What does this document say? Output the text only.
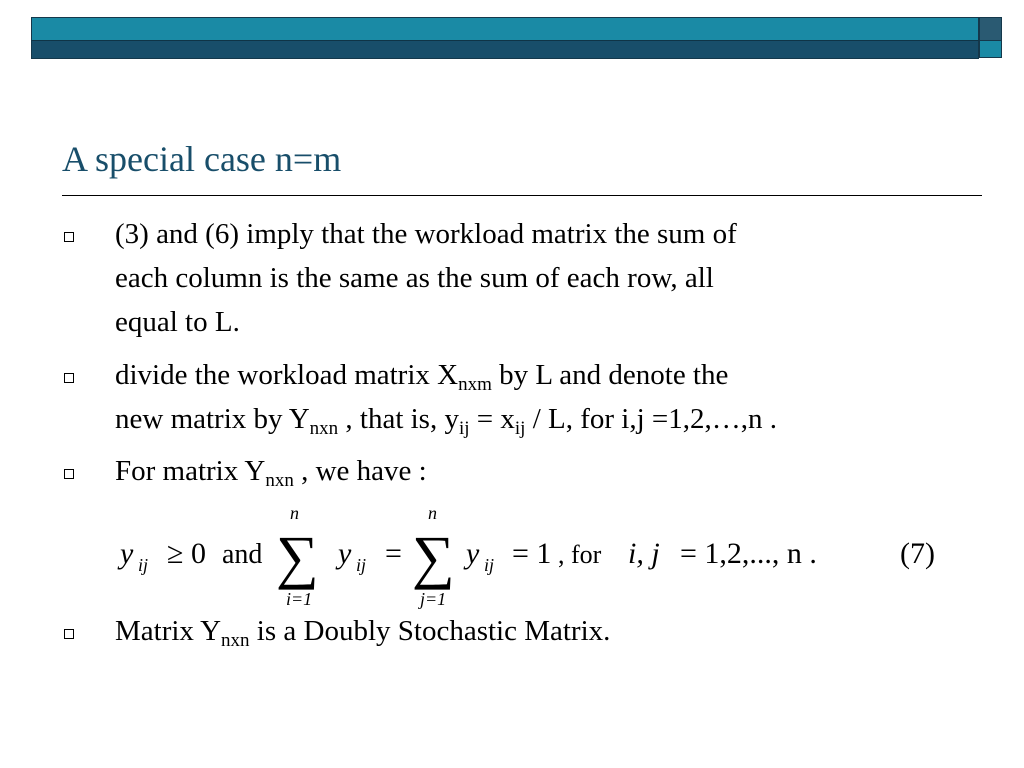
A special case n=m
(3) and (6) imply that the workload matrix the sum of
each column is the same as the sum of each row, all
equal to L.
divide the workload matrix $X_{nxm}$ by L and denote the
new matrix by $Y_{nxn}$ , that is, $y_{ij} = x_{ij} / L$, for i,j =1,2,…,n .
For matrix $Y_{nxn}$ , we have :
y ij ≥ 0 and
n
∑
i=1
y ij =
n
∑
j=1
y ij = 1 , for i, j = 1,2,..., n .	(7)
Matrix $Y_{nxn}$ is a Doubly Stochastic Matrix.
